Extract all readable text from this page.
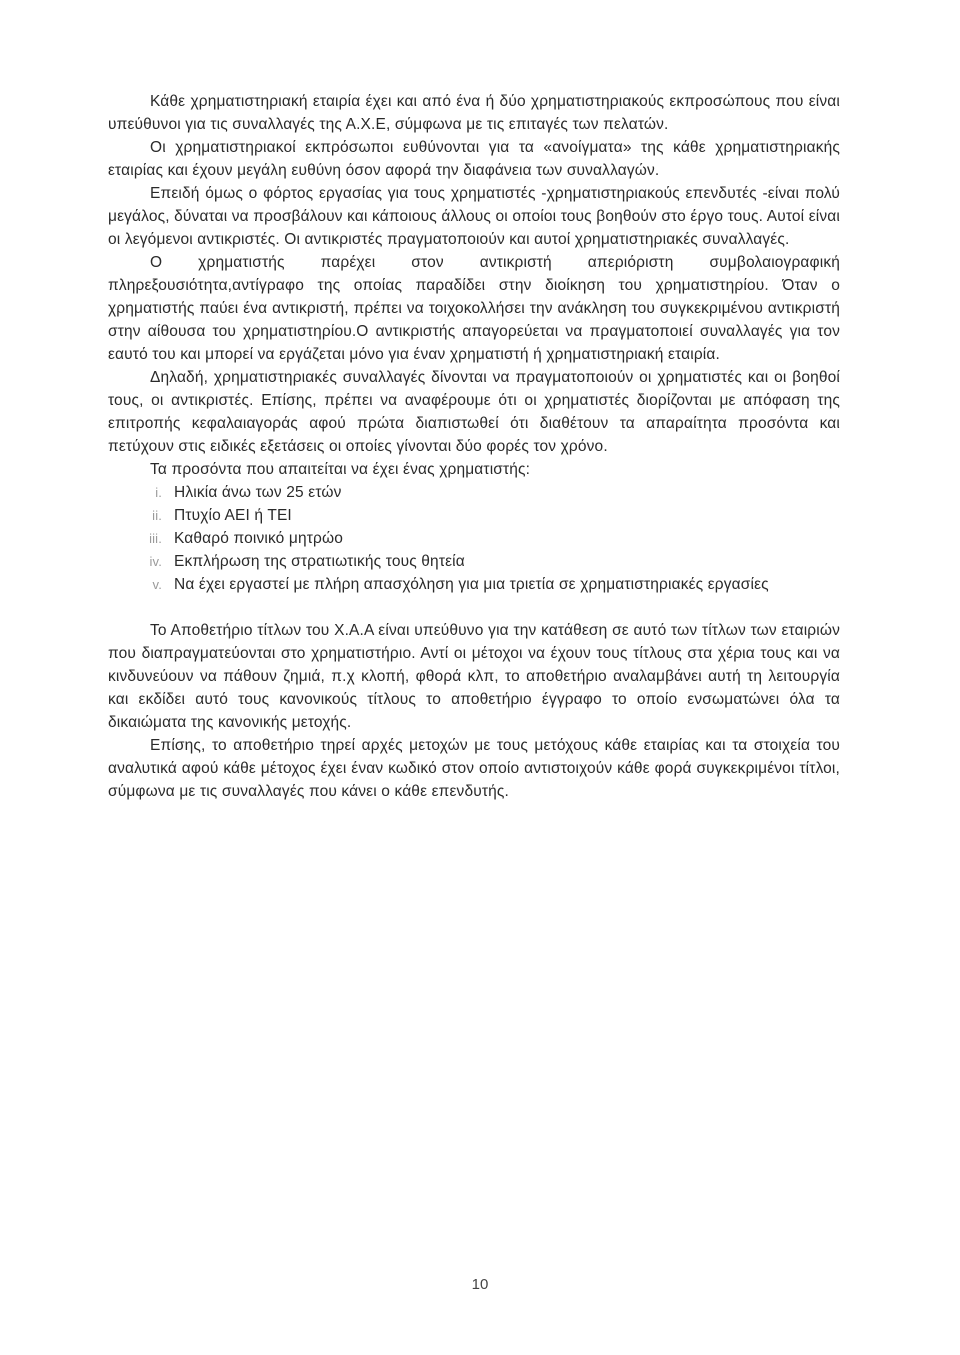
Κάθε χρηματιστηριακή εταιρία έχει και από ένα ή δύο χρηματιστηριακούς εκπροσώπους που είναι υπεύθυνοι για τις συναλλαγές της Α.Χ.Ε, σύμφωνα με τις επιταγές των πελατών.

Οι χρηματιστηριακοί εκπρόσωποι ευθύνονται για τα «ανοίγματα» της κάθε χρηματιστηριακής εταιρίας και έχουν μεγάλη ευθύνη όσον αφορά την διαφάνεια των συναλλαγών.

Επειδή όμως ο φόρτος εργασίας για τους χρηματιστές -χρηματιστηριακούς επενδυτές -είναι πολύ μεγάλος, δύναται να προσβάλουν και κάποιους άλλους οι οποίοι τους βοηθούν στο έργο τους. Αυτοί είναι οι λεγόμενοι αντικριστές. Οι αντικριστές πραγματοποιούν και αυτοί χρηματιστηριακές συναλλαγές.

Ο χρηματιστής παρέχει στον αντικριστή απεριόριστη συμβολαιογραφική πληρεξουσιότητα,αντίγραφο της οποίας παραδίδει στην διοίκηση του χρηματιστηρίου. Όταν ο χρηματιστής παύει ένα αντικριστή, πρέπει να τοιχοκολλήσει την ανάκληση του συγκεκριμένου αντικριστή στην αίθουσα του χρηματιστηρίου.Ο αντικριστής απαγορεύεται να πραγματοποιεί συναλλαγές για τον εαυτό του και μπορεί να εργάζεται μόνο για έναν χρηματιστή ή χρηματιστηριακή εταιρία.

Δηλαδή, χρηματιστηριακές συναλλαγές δίνονται να πραγματοποιούν οι χρηματιστές και οι βοηθοί τους, οι αντικριστές. Επίσης, πρέπει να αναφέρουμε ότι οι χρηματιστές διορίζονται με απόφαση της επιτροπής κεφαλαιαγοράς αφού πρώτα διαπιστωθεί ότι διαθέτουν τα απαραίτητα προσόντα και πετύχουν στις ειδικές εξετάσεις οι οποίες γίνονται δύο φορές τον χρόνο.

Τα προσόντα που απαιτείται να έχει ένας χρηματιστής:

i. Ηλικία άνω των 25 ετών
ii. Πτυχίο ΑΕΙ ή ΤΕΙ
iii. Καθαρό ποινικό μητρώο
iv. Εκπλήρωση της στρατιωτικής τους θητεία
v. Να έχει εργαστεί με πλήρη απασχόληση για μια τριετία σε χρηματιστηριακές εργασίες

Το Αποθετήριο τίτλων του Χ.Α.Α είναι υπεύθυνο για την κατάθεση σε αυτό των τίτλων των εταιριών που διαπραγματεύονται στο χρηματιστήριο. Αντί οι μέτοχοι να έχουν τους τίτλους στα χέρια τους και να κινδυνεύουν να πάθουν ζημιά, π.χ κλοπή, φθορά κλπ, το αποθετήριο αναλαμβάνει αυτή τη λειτουργία και εκδίδει αυτό τους κανονικούς τίτλους το αποθετήριο έγγραφο το οποίο ενσωματώνει όλα τα δικαιώματα της κανονικής μετοχής.

Επίσης, το αποθετήριο τηρεί αρχές μετοχών με τους μετόχους κάθε εταιρίας και τα στοιχεία του αναλυτικά αφού κάθε μέτοχος έχει έναν κωδικό στον οποίο αντιστοιχούν κάθε φορά συγκεκριμένοι τίτλοι, σύμφωνα με τις συναλλαγές που κάνει ο κάθε επενδυτής.

10
